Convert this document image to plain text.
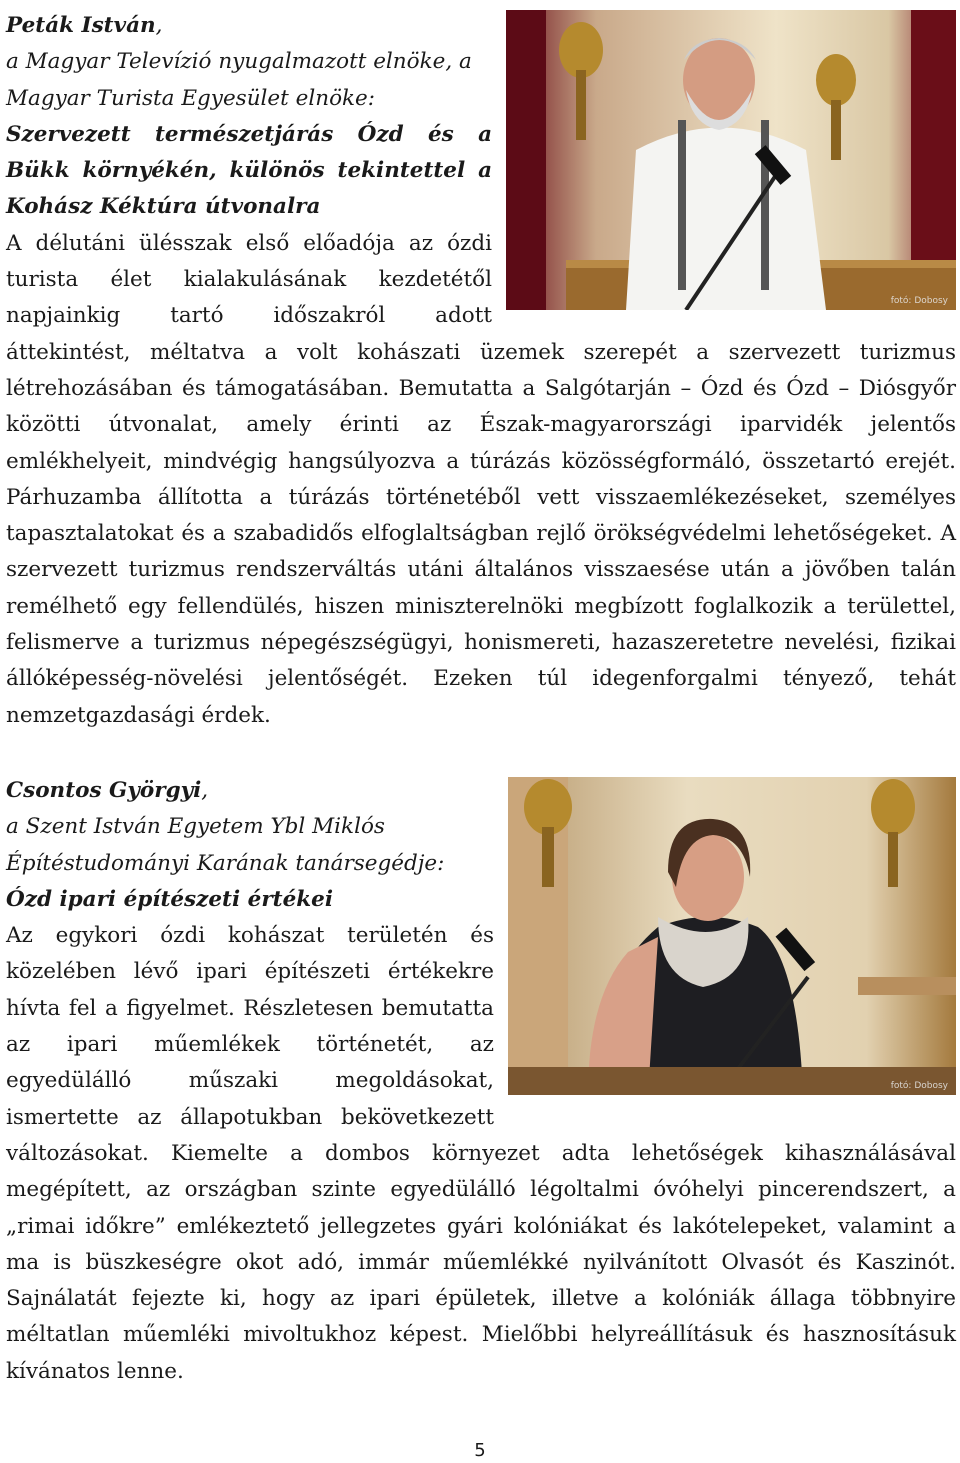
fotó: Dobosy
Peták István,
a Magyar Televízió nyugalmazott elnöke, a
Magyar Turista Egyesület elnöke:
Szervezett természetjárás Ózd és a Bükk környékén, különös tekintettel a Kohász Kéktúra útvonalra
A délutáni ülésszak első előadója az ózdi turista élet kialakulásának kezdetétől napjainkig tartó időszakról adott áttekintést, méltatva a volt kohászati üzemek szerepét a szervezett turizmus létrehozásában és támogatásában. Bemutatta a Salgótarján – Ózd és Ózd – Diósgyőr közötti útvonalat, amely érinti az Észak-magyarországi iparvidék jelentős emlékhelyeit, mindvégig hangsúlyozva a túrázás közösségformáló, összetartó erejét. Párhuzamba állította a túrázás történetéből vett visszaemlékezéseket, személyes tapasztalatokat és a szabadidős elfoglaltságban rejlő örökségvédelmi lehetőségeket. A szervezett turizmus rendszerváltás utáni általános visszaesése után a jövőben talán remélhető egy fellendülés, hiszen miniszterelnöki megbízott foglalkozik a területtel, felismerve a turizmus népegészségügyi, honismereti, hazaszeretetre nevelési, fizikai állóképesség-növelési jelentőségét. Ezeken túl idegenforgalmi tényező, tehát nemzetgazdasági érdek.
fotó: Dobosy
Csontos Györgyi,
a Szent István Egyetem Ybl Miklós
Építéstudományi Karának tanársegédje:
Ózd ipari építészeti értékei
Az egykori ózdi kohászat területén és közelében lévő ipari építészeti értékekre hívta fel a figyelmet. Részletesen bemutatta az ipari műemlékek történetét, az egyedülálló műszaki megoldásokat, ismertette az állapotukban bekövetkezett változásokat. Kiemelte a dombos környezet adta lehetőségek kihasználásával megépített, az országban szinte egyedülálló légoltalmi óvóhelyi pincerendszert, a „rimai időkre” emlékeztető jellegzetes gyári kolóniákat és lakótelepeket, valamint a ma is büszkeségre okot adó, immár műemlékké nyilvánított Olvasót és Kaszinót. Sajnálatát fejezte ki, hogy az ipari épületek, illetve a kolóniák állaga többnyire méltatlan műemléki mivoltukhoz képest. Mielőbbi helyreállításuk és hasznosításuk kívánatos lenne.
5
